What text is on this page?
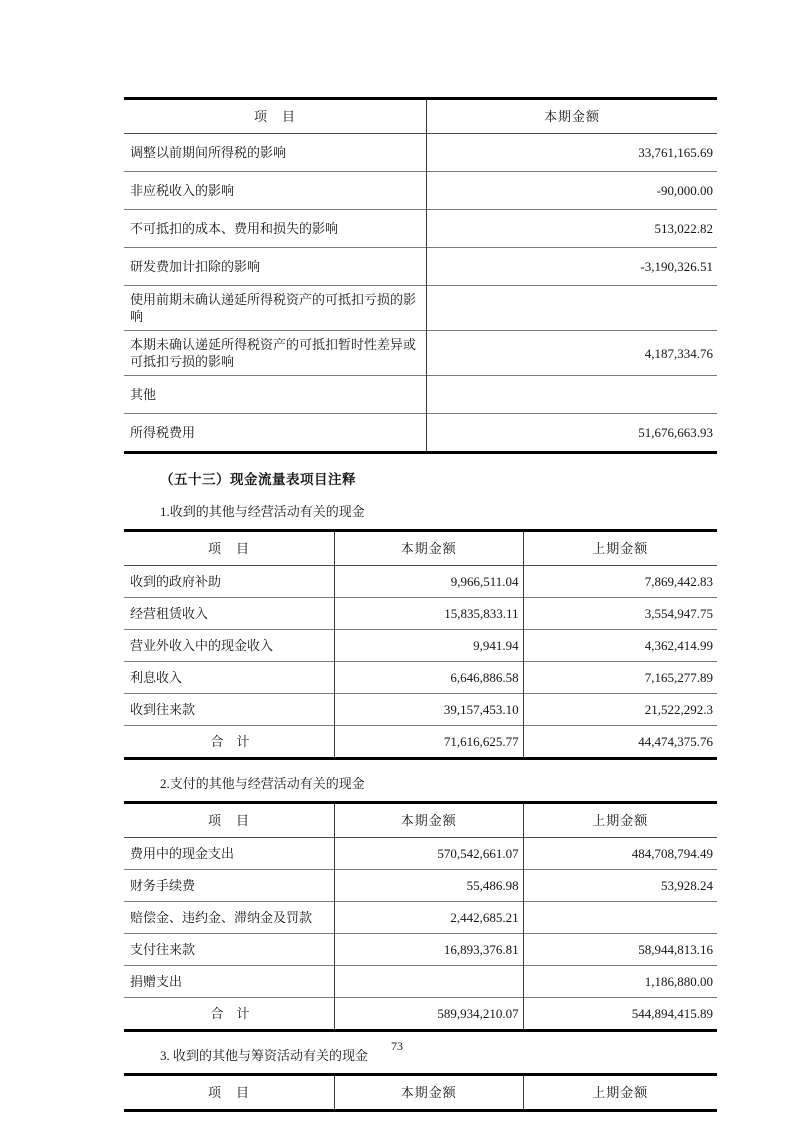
项　目	本期金额
调整以前期间所得税的影响	33,761,165.69
非应税收入的影响	-90,000.00
不可抵扣的成本、费用和损失的影响	513,022.82
研发费加计扣除的影响	-3,190,326.51
使用前期未确认递延所得税资产的可抵扣亏损的影响	
本期未确认递延所得税资产的可抵扣暂时性差异或可抵扣亏损的影响	4,187,334.76
其他	
所得税费用	51,676,663.93
（五十三）现金流量表项目注释
1.收到的其他与经营活动有关的现金
项　目	本期金额	上期金额
收到的政府补助	9,966,511.04	7,869,442.83
经营租赁收入	15,835,833.11	3,554,947.75
营业外收入中的现金收入	9,941.94	4,362,414.99
利息收入	6,646,886.58	7,165,277.89
收到往来款	39,157,453.10	21,522,292.3
合　计	71,616,625.77	44,474,375.76
2.支付的其他与经营活动有关的现金
项　目	本期金额	上期金额
费用中的现金支出	570,542,661.07	484,708,794.49
财务手续费	55,486.98	53,928.24
赔偿金、违约金、滞纳金及罚款	2,442,685.21	
支付往来款	16,893,376.81	58,944,813.16
捐赠支出		1,186,880.00
合　计	589,934,210.07	544,894,415.89
3. 收到的其他与筹资活动有关的现金
项　目	本期金额	上期金额
73
